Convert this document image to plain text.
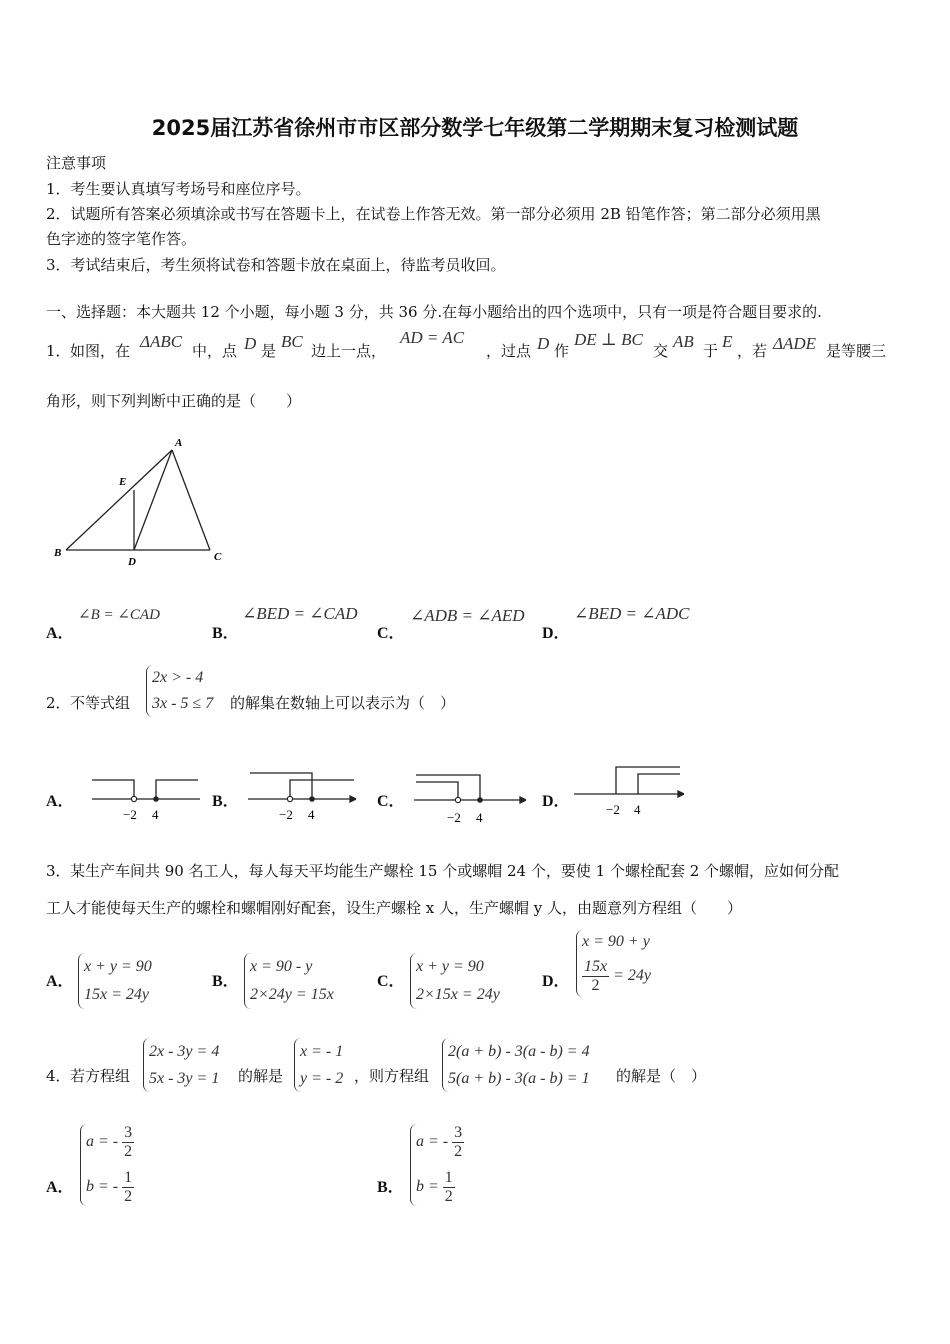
2025届江苏省徐州市市区部分数学七年级第二学期期末复习检测试题
注意事项
1．考生要认真填写考场号和座位序号。
2．试题所有答案必须填涂或书写在答题卡上，在试卷上作答无效。第一部分必须用 2B 铅笔作答；第二部分必须用黑
色字迹的签字笔作答。
3．考试结束后，考生须将试卷和答题卡放在桌面上，待监考员收回。
一、选择题：本大题共 12 个小题，每小题 3 分，共 36 分.在每小题给出的四个选项中，只有一项是符合题目要求的.
1． 如图，在 ΔABC 中，点 D 是 BC 边上一点，
AD = AC
，过点 D 作
DE ⊥ BC
交 AB 于 E ，若 ΔADE 是等腰三
角形，则下列判断中正确的是（　　）
A
E
B
D	C
A．
∠B = ∠CAD
B．
∠BED = ∠CAD
C．
∠ADB = ∠AED
D．
∠BED = ∠ADC
2． 不等式组
2x > - 4
3x - 5 ≤ 7 的解集在数轴上可以表示为（　）
A．
−2 4
B．
−2 4
C．
−2 4
D．	−2 4
3． 某生产车间共 90 名工人，每人每天平均能生产螺栓 15 个或螺帽 24 个，要使 1 个螺栓配套 2 个螺帽，应如何分配
工人才能使每天生产的螺栓和螺帽刚好配套，设生产螺栓 x 人，生产螺帽 y 人，由题意列方程组（　　）
A．
x + y = 90
15x = 24y
B．
x = 90 - y
2×24y = 15x
C．
x + y = 90
2×15x = 24y
D．
x = 90 + y
$\frac{15x}{2} = 24y$
4． 若方程组
2x - 3y = 4
5x - 3y = 1 的解是
x = - 1
y = - 2 ，则方程组
2(a + b) - 3(a - b) = 4
5(a + b) - 3(a - b) = 1 的解是（　）
A．
a = - $\frac{3}{2}$
b = - $\frac{1}{2}$	B．
a = - $\frac{3}{2}$
$b = \frac{1}{2}$
